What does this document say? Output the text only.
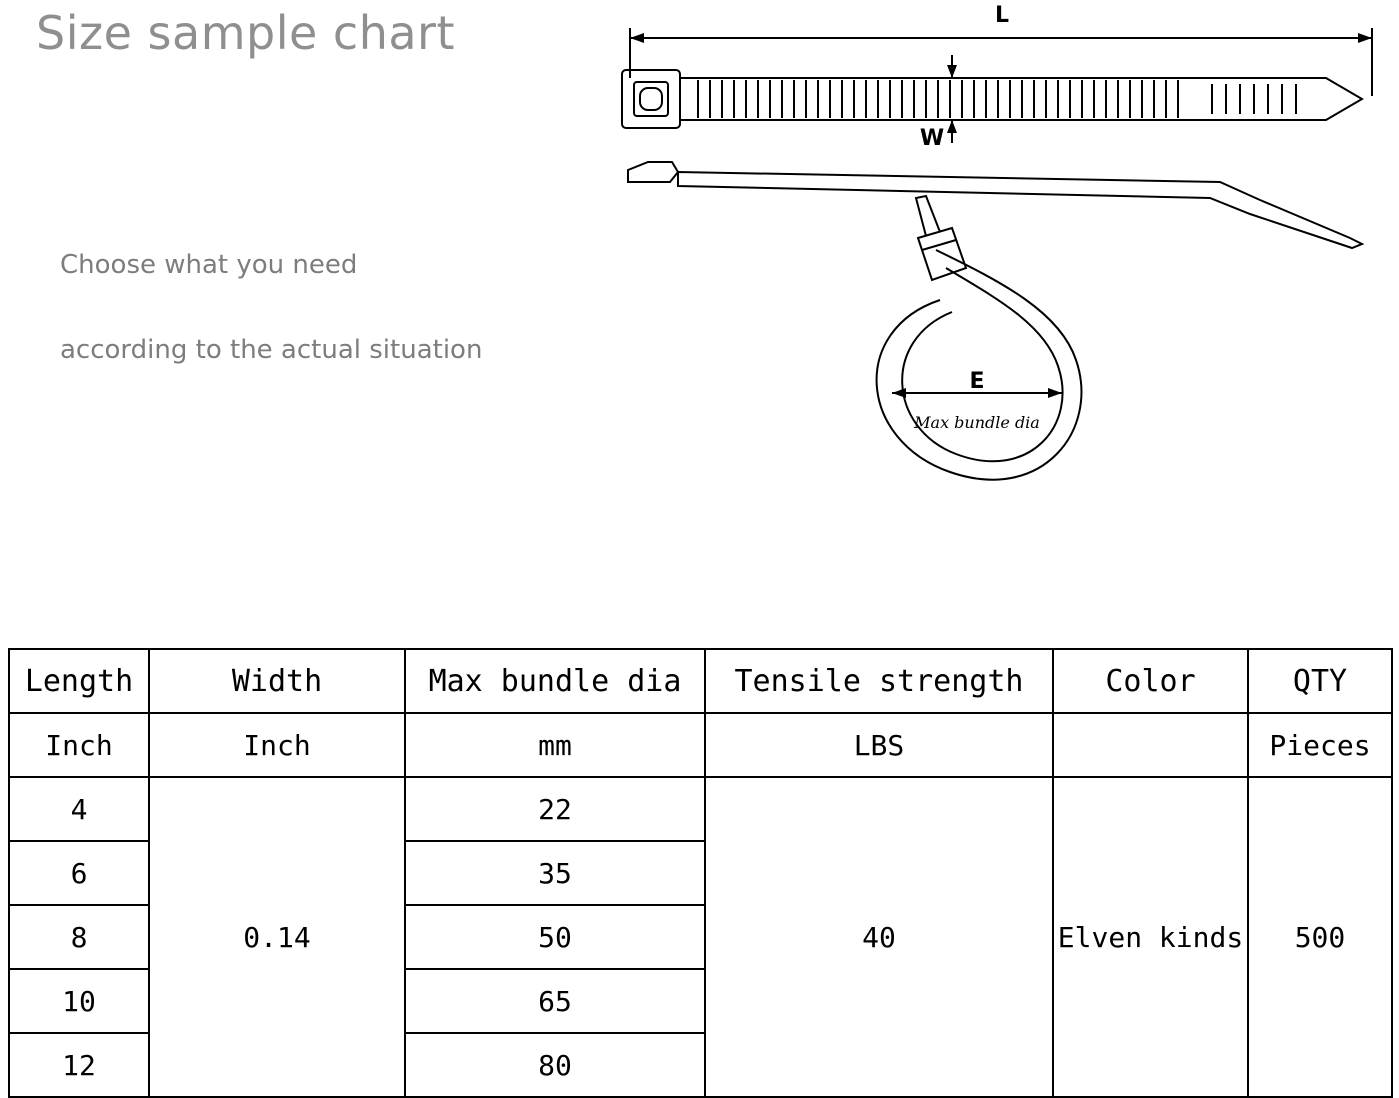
Size sample chart
Choose what you need
according to the actual situation
L
W
E
Max bundle dia
Length	Width	Max bundle dia	Tensile strength	Color	QTY
Inch	Inch	mm	LBS		Pieces
4	0.14	22	40	Elven kinds	500
6		35			
8		50			
10		65			
12		80			
